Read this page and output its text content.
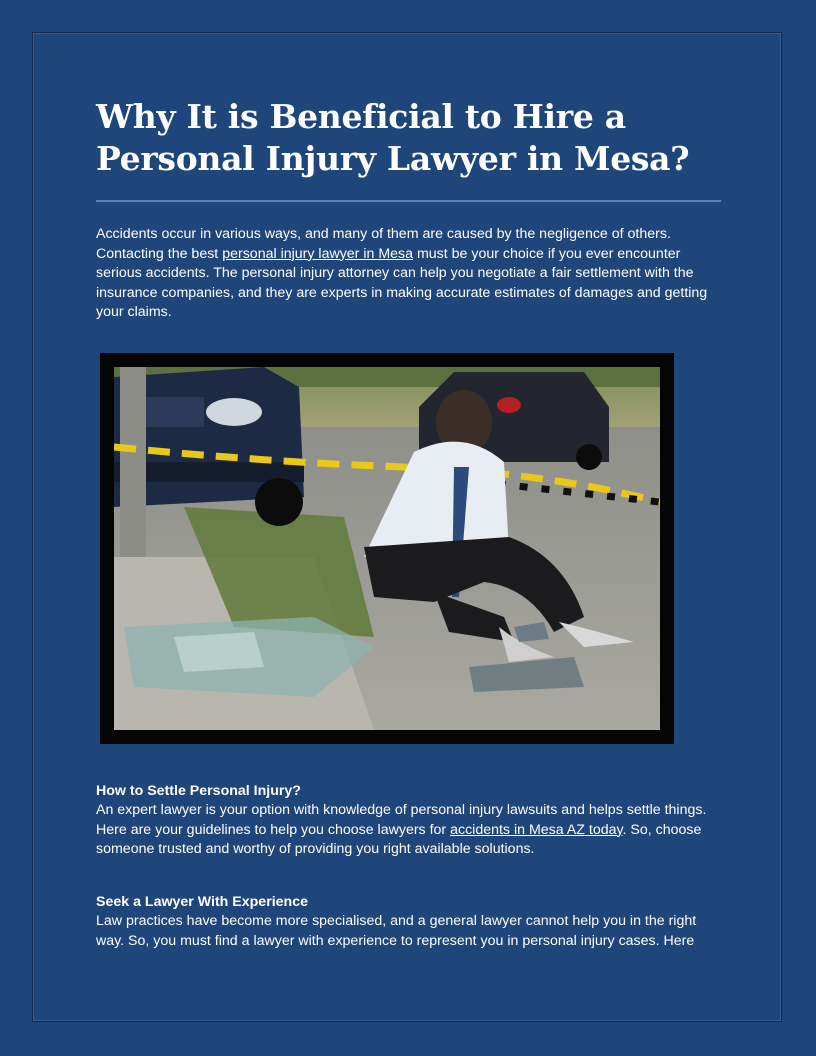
Why It is Beneficial to Hire a Personal Injury Lawyer in Mesa?

Accidents occur in various ways, and many of them are caused by the negligence of others. Contacting the best personal injury lawyer in Mesa must be your choice if you ever encounter serious accidents. The personal injury attorney can help you negotiate a fair settlement with the insurance companies, and they are experts in making accurate estimates of damages and getting your claims.

How to Settle Personal Injury?

An expert lawyer is your option with knowledge of personal injury lawsuits and helps settle things. Here are your guidelines to help you choose lawyers for accidents in Mesa AZ today. So, choose someone trusted and worthy of providing you right available solutions.

Seek a Lawyer With Experience

Law practices have become more specialised, and a general lawyer cannot help you in the right way. So, you must find a lawyer with experience to represent you in personal injury cases. Here
